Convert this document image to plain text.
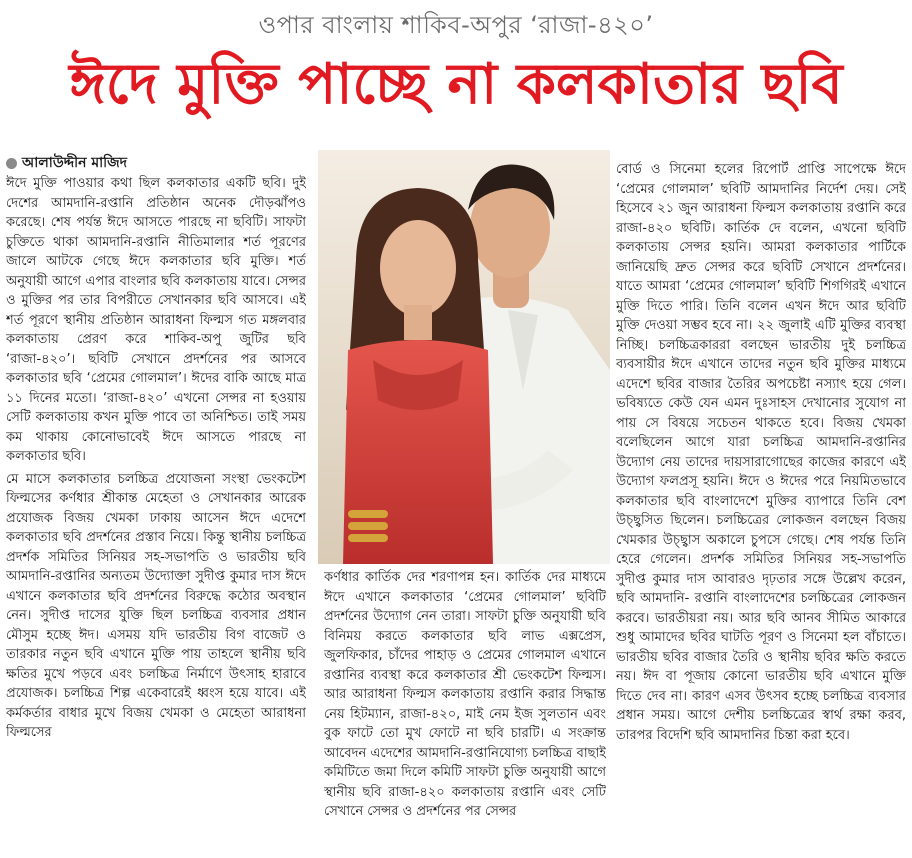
ওপার বাংলায় শাকিব-অপুর ‘রাজা-৪২০’
ঈদে মুক্তি পাচ্ছে না কলকাতার ছবি
আলাউদ্দীন মাজিদ

ঈদে মুক্তি পাওয়ার কথা ছিল কলকাতার একটি ছবি। দুই দেশের আমদানি-রপ্তানি প্রতিষ্ঠান অনেক দৌড়ঝাঁপও করেছে। শেষ পর্যন্ত ঈদে আসতে পারছে না ছবিটি। সাফটা চুক্তিতে থাকা আমদানি-রপ্তানি নীতিমালার শর্ত পূরণের জালে আটকে গেছে ঈদে কলকাতার ছবি মুক্তি। শর্ত অনুযায়ী আগে এপার বাংলার ছবি কলকাতায় যাবে। সেন্সর ও মুক্তির পর তার বিপরীতে সেখানকার ছবি আসবে। এই শর্ত পূরণে স্থানীয় প্রতিষ্ঠান আরাধনা ফিল্মস গত মঙ্গলবার কলকাতায় প্রেরণ করে শাকিব-অপু জুটির ছবি ‘রাজা-৪২০’। ছবিটি সেখানে প্রদর্শনের পর আসবে কলকাতার ছবি ‘প্রেমের গোলমাল’। ঈদের বাকি আছে মাত্র ১১ দিনের মতো। ‘রাজা-৪২০’ এখনো সেন্সর না হওয়ায় সেটি কলকাতায় কখন মুক্তি পাবে তা অনিশ্চিত। তাই সময় কম থাকায় কোনোভাবেই ঈদে আসতে পারছে না কলকাতার ছবি।

মে মাসে কলকাতার চলচ্চিত্র প্রযোজনা সংস্থা ভেংকটেশ ফিল্মসের কর্ণধার শ্রীকান্ত মেহেতা ও সেখানকার আরেক প্রযোজক বিজয় খেমকা ঢাকায় আসেন ঈদে এদেশে কলকাতার ছবি প্রদর্শনের প্রস্তাব নিয়ে। কিন্তু স্থানীয় চলচ্চিত্র প্রদর্শক সমিতির সিনিয়র সহ-সভাপতি ও ভারতীয় ছবি আমদানি-রপ্তানির অন্যতম উদ্যোক্তা সুদীপ্ত কুমার দাস ঈদে এখানে কলকাতার ছবি প্রদর্শনের বিরুদ্ধে কঠোর অবস্থান নেন। সুদীপ্ত দাসের যুক্তি ছিল চলচ্চিত্র ব্যবসার প্রধান মৌসুম হচ্ছে ঈদ। এসময় যদি ভারতীয় বিগ বাজেট ও তারকার নতুন ছবি এখানে মুক্তি পায় তাহলে স্থানীয় ছবি ক্ষতির মুখে পড়বে এবং চলচ্চিত্র নির্মাণে উৎসাহ হারাবে প্রযোজক। চলচ্চিত্র শিল্প একেবারেই ধ্বংস হয়ে যাবে। এই কর্মকর্তার বাধার মুখে বিজয় খেমকা ও মেহেতা আরাধনা ফিল্মসের

কর্ণধার কার্তিক দের শরণাপন্ন হন। কার্তিক দের মাধ্যমে ঈদে এখানে কলকাতার ‘প্রেমের গোলমাল’ ছবিটি প্রদর্শনের উদ্যোগ নেন তারা। সাফটা চুক্তি অনুযায়ী ছবি বিনিময় করতে কলকাতার ছবি লাভ এক্সপ্রেস, জুলফিকার, চাঁদের পাহাড় ও প্রেমের গোলমাল এখানে রপ্তানির ব্যবস্থা করে কলকাতার শ্রী ভেংকটেশ ফিল্মস। আর আরাধনা ফিল্মস কলকাতায় রপ্তানি করার সিদ্ধান্ত নেয় হিটম্যান, রাজা-৪২০, মাই নেম ইজ সুলতান এবং বুক ফাটে তো মুখ ফোটে না ছবি চারটি। এ সংক্রান্ত আবেদন এদেশের আমদানি-রপ্তানিযোগ্য চলচ্চিত্র বাছাই কমিটিতে জমা দিলে কমিটি সাফটা চুক্তি অনুযায়ী আগে স্থানীয় ছবি রাজা-৪২০ কলকাতায় রপ্তানি এবং সেটি সেখানে সেন্সর ও প্রদর্শনের পর সেন্সর

বোর্ড ও সিনেমা হলের রিপোর্ট প্রাপ্তি সাপেক্ষে ঈদে ‘প্রেমের গোলমাল’ ছবিটি আমদানির নির্দেশ দেয়। সেই হিসেবে ২১ জুন আরাধনা ফিল্মস কলকাতায় রপ্তানি করে রাজা-৪২০ ছবিটি। কার্তিক দে বলেন, এখনো ছবিটি কলকাতায় সেন্সর হয়নি। আমরা কলকাতার পার্টিকে জানিয়েছি দ্রুত সেন্সর করে ছবিটি সেখানে প্রদর্শনের। যাতে আমরা ‘প্রেমের গোলমাল’ ছবিটি শিগগিরই এখানে মুক্তি দিতে পারি। তিনি বলেন এখন ঈদে আর ছবিটি মুক্তি দেওয়া সম্ভব হবে না। ২২ জুলাই এটি মুক্তির ব্যবস্থা নিচ্ছি। চলচ্চিত্রকাররা বলছেন ভারতীয় দুই চলচ্চিত্র ব্যবসায়ীর ঈদে এখানে তাদের নতুন ছবি মুক্তির মাধ্যমে এদেশে ছবির বাজার তৈরির অপচেষ্টা নস্যাৎ হয়ে গেল। ভবিষ্যতে কেউ যেন এমন দুঃসাহস দেখানোর সুযোগ না পায় সে বিষয়ে সচেতন থাকতে হবে। বিজয় খেমকা বলেছিলেন আগে যারা চলচ্চিত্র আমদানি-রপ্তানির উদ্যোগ নেয় তাদের দায়সারাগোছের কাজের কারণে এই উদ্যোগ ফলপ্রসূ হয়নি। ঈদে ও ঈদের পরে নিয়মিতভাবে কলকাতার ছবি বাংলাদেশে মুক্তির ব্যাপারে তিনি বেশ উচ্ছ্বসিত ছিলেন। চলচ্চিত্রের লোকজন বলছেন বিজয় খেমকার উচ্ছ্বাস অকালে চুপসে গেছে। শেষ পর্যন্ত তিনি হেরে গেলেন। প্রদর্শক সমিতির সিনিয়র সহ-সভাপতি সুদীপ্ত কুমার দাস আবারও দৃঢ়তার সঙ্গে উল্লেখ করেন, ছবি আমদানি- রপ্তানি বাংলাদেশের চলচ্চিত্রের লোকজন করবে। ভারতীয়রা নয়। আর ছবি আনব সীমিত আকারে শুধু আমাদের ছবির ঘাটতি পূরণ ও সিনেমা হল বাঁচাতে। ভারতীয় ছবির বাজার তৈরি ও স্থানীয় ছবির ক্ষতি করতে নয়। ঈদ বা পূজায় কোনো ভারতীয় ছবি এখানে মুক্তি দিতে দেব না। কারণ এসব উৎসব হচ্ছে চলচ্চিত্র ব্যবসার প্রধান সময়। আগে দেশীয় চলচ্চিত্রের স্বার্থ রক্ষা করব, তারপর বিদেশি ছবি আমদানির চিন্তা করা হবে।
